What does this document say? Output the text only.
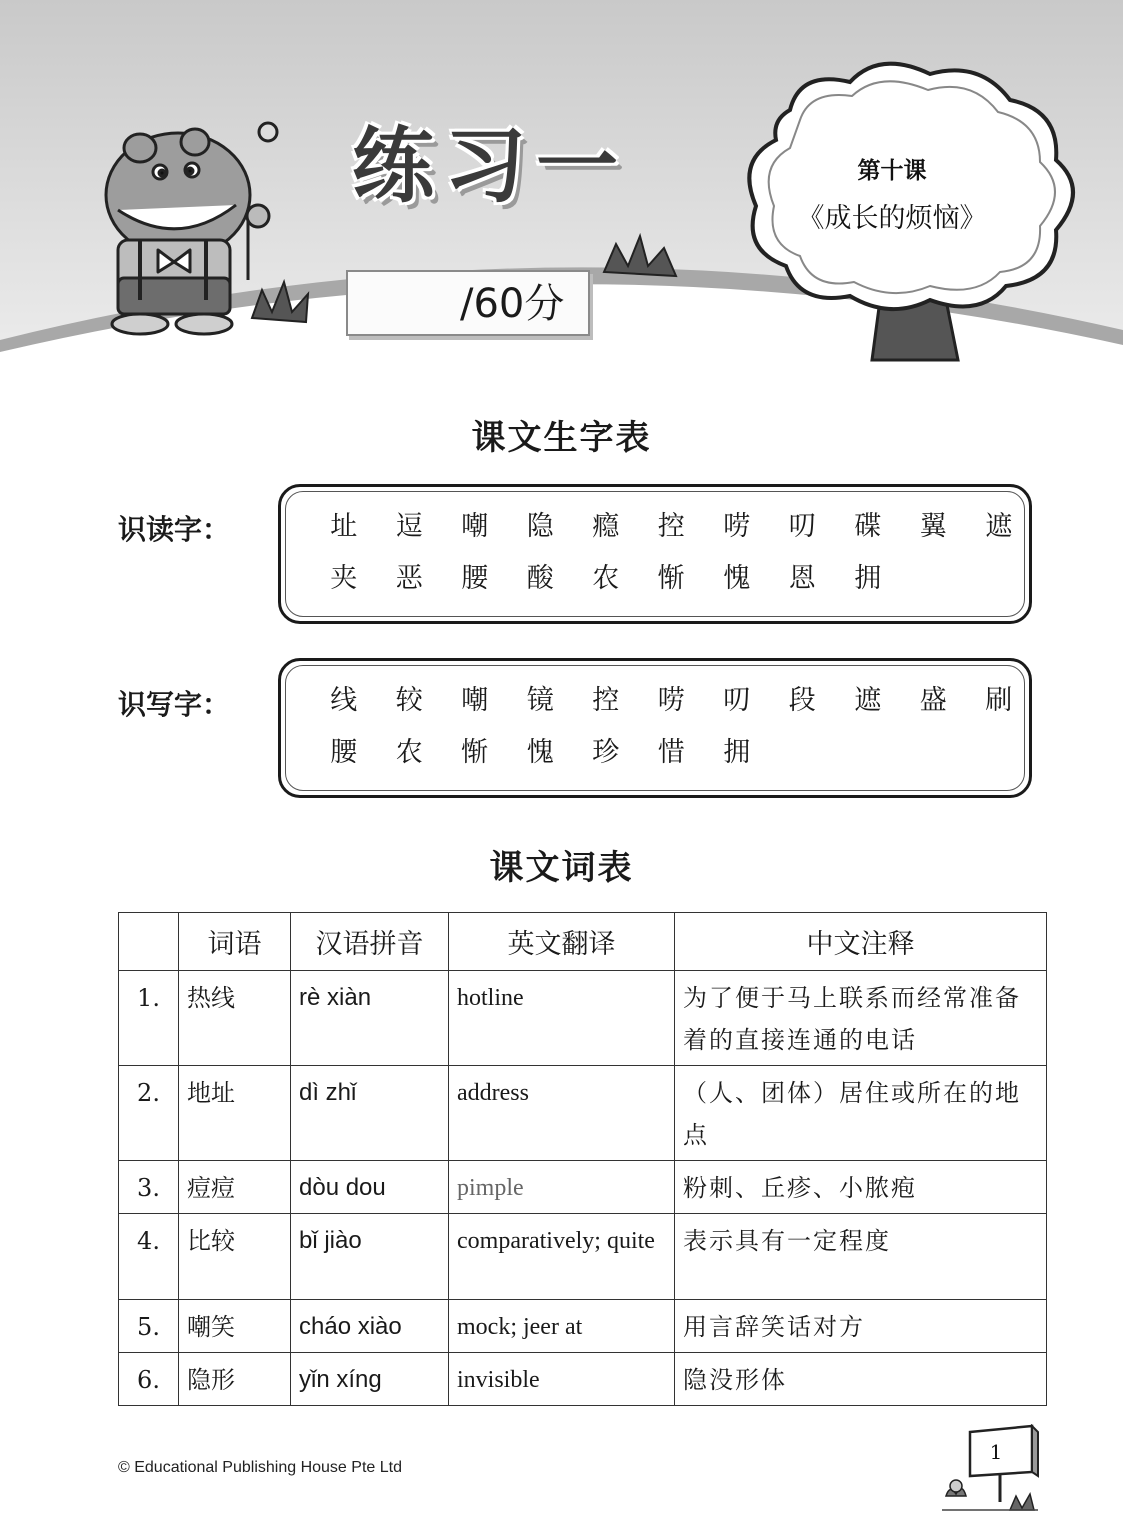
练习一
/60分
第十课
《成长的烦恼》
课文生字表
识读字：	址	逗	嘲	隐	瘾	控	唠	叨	碟	翼	遮
夹	恶	腰	酸	农	惭	愧	恩	拥
识写字：	线	较	嘲	镜	控	唠	叨	段	遮	盛	刷
腰	农	惭	愧	珍	惜	拥
课文词表
	词语	汉语拼音	英文翻译	中文注释
1.	热线	rè xiàn	hotline	为了便于马上联系而经常准备着的直接连通的电话
2.	地址	dì zhǐ	address	（人、团体）居住或所在的地点
3.	痘痘	dòu dou	pimple	粉刺、丘疹、小脓疱
4.	比较	bǐ jiào	comparatively; quite	表示具有一定程度
5.	嘲笑	cháo xiào	mock; jeer at	用言辞笑话对方
6.	隐形	yǐn xíng	invisible	隐没形体
© Educational Publishing House Pte Ltd
1
